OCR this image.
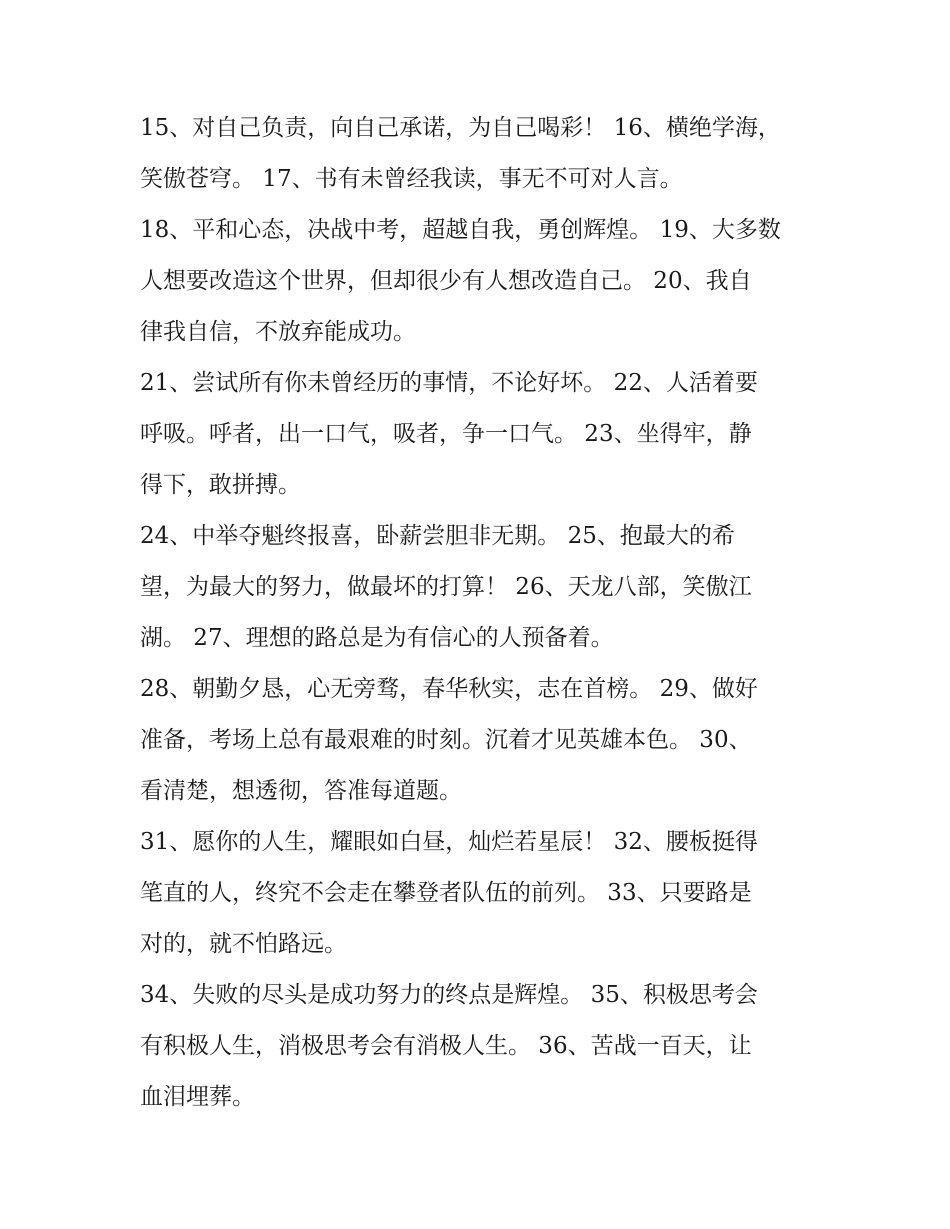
15、对自己负责，向自己承诺，为自己喝彩！ 16、横绝学海，
笑傲苍穹。 17、书有未曾经我读，事无不可对人言。

18、平和心态，决战中考，超越自我，勇创辉煌。 19、大多数
人想要改造这个世界，但却很少有人想改造自己。 20、我自
律我自信，不放弃能成功。

21、尝试所有你未曾经历的事情，不论好坏。 22、人活着要
呼吸。呼者，出一口气，吸者，争一口气。 23、坐得牢，静
得下，敢拼搏。

24、中举夺魁终报喜，卧薪尝胆非无期。 25、抱最大的希
望，为最大的努力，做最坏的打算！ 26、天龙八部，笑傲江
湖。 27、理想的路总是为有信心的人预备着。

28、朝勤夕恳，心无旁骛，春华秋实，志在首榜。 29、做好
准备，考场上总有最艰难的时刻。沉着才见英雄本色。 30、
看清楚，想透彻，答准每道题。

31、愿你的人生，耀眼如白昼，灿烂若星辰！ 32、腰板挺得
笔直的人，终究不会走在攀登者队伍的前列。 33、只要路是
对的，就不怕路远。

34、失败的尽头是成功努力的终点是辉煌。 35、积极思考会
有积极人生，消极思考会有消极人生。 36、苦战一百天，让
血泪埋葬。
